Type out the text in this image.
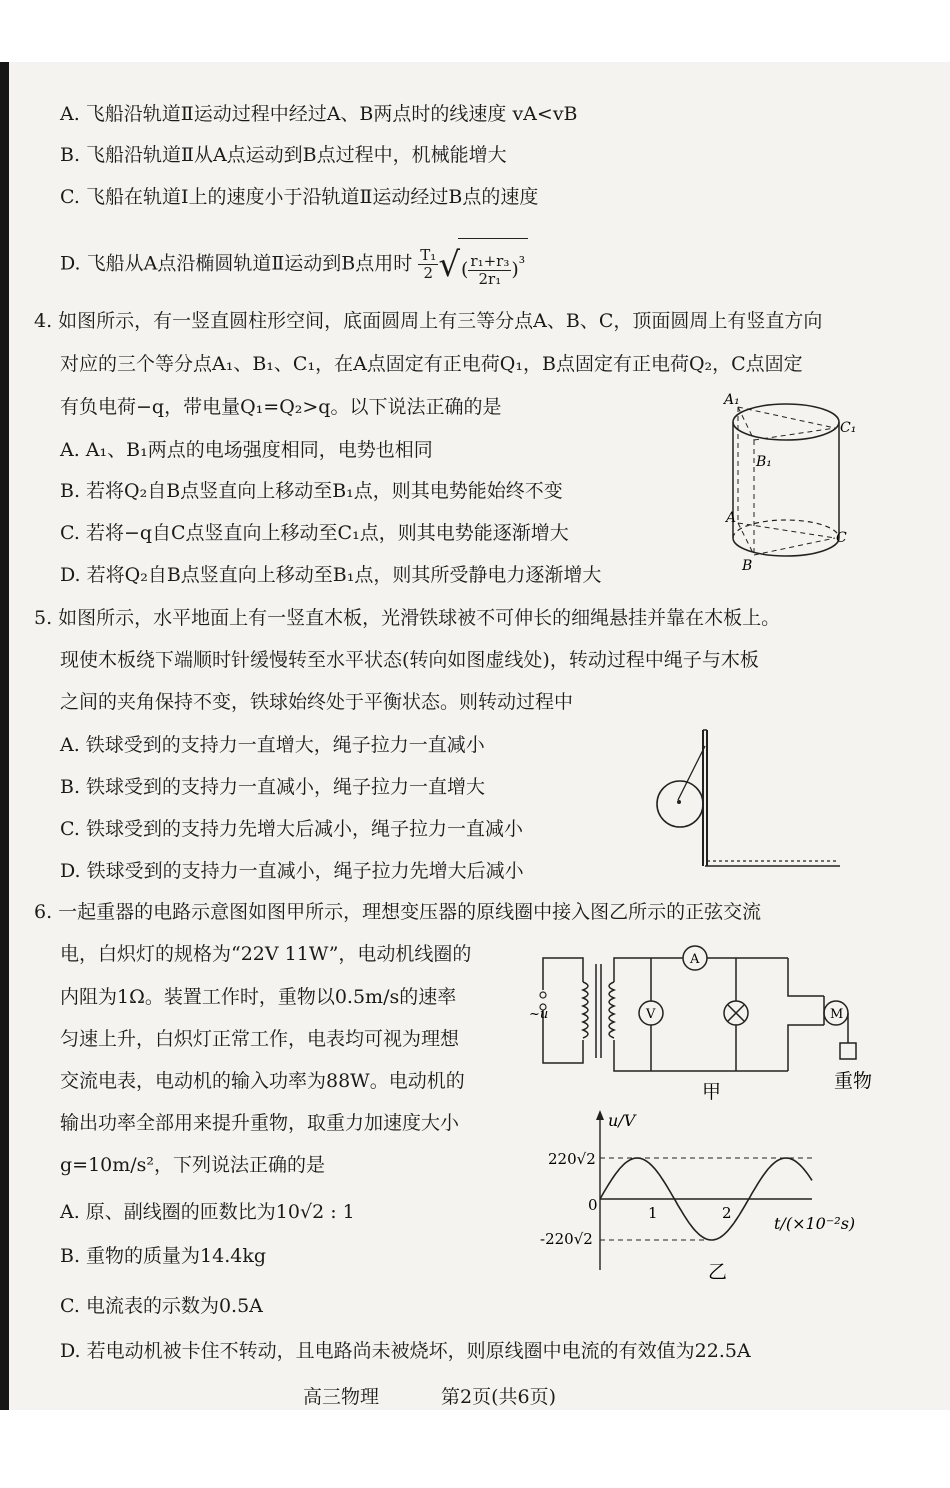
A. 飞船沿轨道Ⅱ运动过程中经过A、B两点时的线速度 vA<vB
B. 飞船沿轨道Ⅱ从A点运动到B点过程中，机械能增大
C. 飞船在轨道Ⅰ上的速度小于沿轨道Ⅱ运动经过B点的速度
D. 飞船从A点沿椭圆轨道Ⅱ运动到B点用时 $\frac{\text{T₁}}{2}$ √( $\frac{\text{r₁+r₃}}{\text{2r₁}} )^{^3}$
4. 如图所示，有一竖直圆柱形空间，底面圆周上有三等分点A、B、C，顶面圆周上有竖直方向
对应的三个等分点A₁、B₁、C₁，在A点固定有正电荷Q₁，B点固定有正电荷Q₂，C点固定
有负电荷−q，带电量Q₁=Q₂>q。以下说法正确的是
A. A₁、B₁两点的电场强度相同，电势也相同
B. 若将Q₂自B点竖直向上移动至B₁点，则其电势能始终不变
C. 若将−q自C点竖直向上移动至C₁点，则其电势能逐渐增大
D. 若将Q₂自B点竖直向上移动至B₁点，则其所受静电力逐渐增大
A₁
C₁
B₁
A
C
B
5. 如图所示，水平地面上有一竖直木板，光滑铁球被不可伸长的细绳悬挂并靠在木板上。
现使木板绕下端顺时针缓慢转至水平状态(转向如图虚线处)，转动过程中绳子与木板
之间的夹角保持不变，铁球始终处于平衡状态。则转动过程中
A. 铁球受到的支持力一直增大，绳子拉力一直减小
B. 铁球受到的支持力一直减小，绳子拉力一直增大
C. 铁球受到的支持力先增大后减小，绳子拉力一直减小
D. 铁球受到的支持力一直减小，绳子拉力先增大后减小
6. 一起重器的电路示意图如图甲所示，理想变压器的原线圈中接入图乙所示的正弦交流
电，白炽灯的规格为“22V 11W”，电动机线圈的
内阻为1Ω。装置工作时，重物以0.5m/s的速率
匀速上升，白炽灯正常工作，电表均可视为理想
交流电表，电动机的输入功率为88W。电动机的
输出功率全部用来提升重物，取重力加速度大小
g=10m/s²，下列说法正确的是
A. 原、副线圈的匝数比为10√2 : 1
B. 重物的质量为14.4kg
C. 电流表的示数为0.5A
D. 若电动机被卡住不转动，且电路尚未被烧坏，则原线圈中电流的有效值为22.5A
~u
A
V	M
重物
甲
u/V
t/(×10⁻²s)
0	1	2
220√2
-220√2
乙
高三物理	第2页(共6页)
